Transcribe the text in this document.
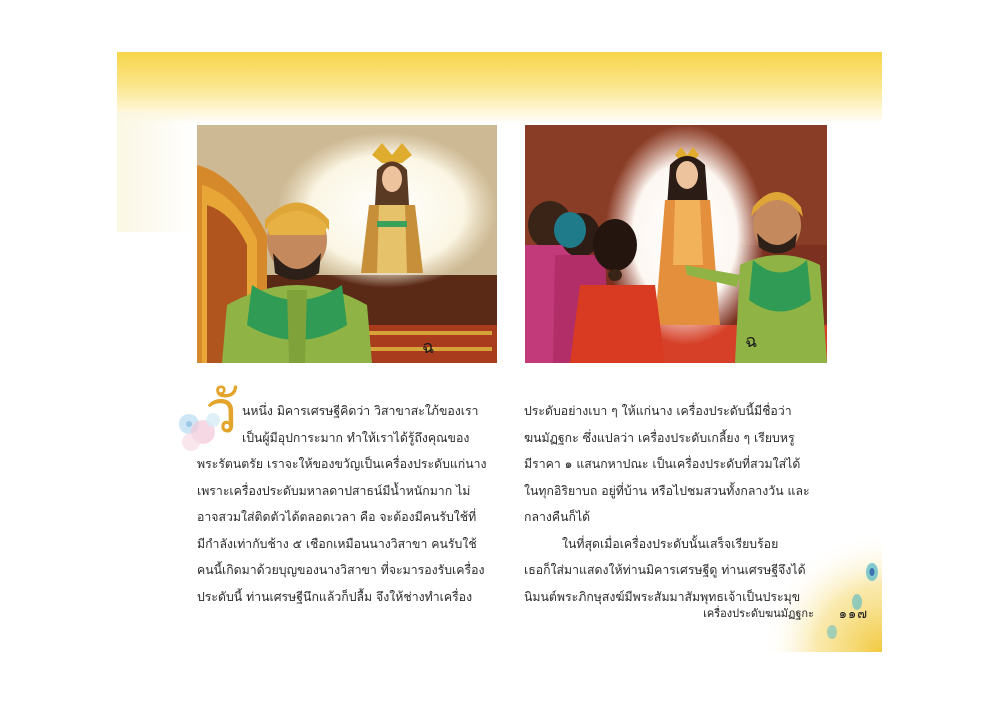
ฉ	ฉ
วั นหนึ่ง มิคารเศรษฐีคิดว่า วิสาขาสะใภ้ของเรา

เป็นผู้มีอุปการะมาก ทำให้เราได้รู้ถึงคุณของ

พระรัตนตรัย เราจะให้ของขวัญเป็นเครื่องประดับแก่นาง

เพราะเครื่องประดับมหาลดาปสาธน์มีน้ำหนักมาก ไม่

อาจสวมใส่ติดตัวได้ตลอดเวลา คือ จะต้องมีคนรับใช้ที่

มีกำลังเท่ากับช้าง ๕ เชือกเหมือนนางวิสาขา คนรับใช้

คนนี้เกิดมาด้วยบุญของนางวิสาขา ที่จะมารองรับเครื่อง

ประดับนี้ ท่านเศรษฐีนึกแล้วก็ปลื้ม จึงให้ช่างทำเครื่อง

ประดับอย่างเบา ๆ ให้แก่นาง เครื่องประดับนี้มีชื่อว่า

ฆนมัฏฐกะ ซึ่งแปลว่า เครื่องประดับเกลี้ยง ๆ เรียบหรู

มีราคา ๑ แสนกหาปณะ เป็นเครื่องประดับที่สวมใส่ได้

ในทุกอิริยาบถ อยู่ที่บ้าน หรือไปชมสวนทั้งกลางวัน และ

กลางคืนก็ได้

ในที่สุดเมื่อเครื่องประดับนั้นเสร็จเรียบร้อย

เธอก็ใส่มาแสดงให้ท่านมิคารเศรษฐีดู ท่านเศรษฐีจึงได้

นิมนต์พระภิกษุสงฆ์มีพระสัมมาสัมพุทธเจ้าเป็นประมุข

เครื่องประดับฆนมัฏฐกะ ๑๑๗
